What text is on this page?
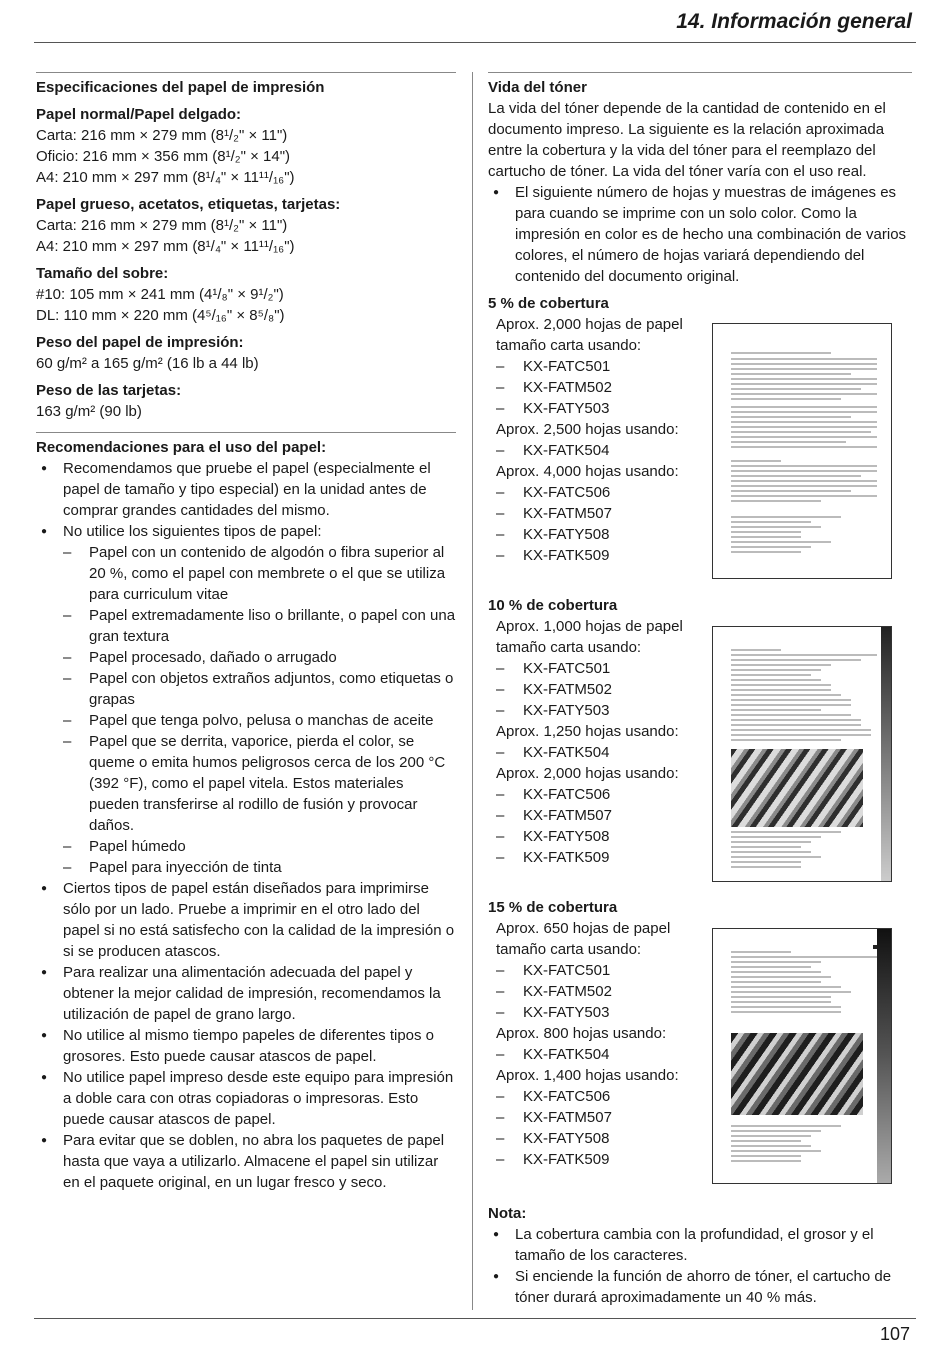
14. Información general
Especificaciones del papel de impresión
Papel normal/Papel delgado:
Carta: 216 mm × 279 mm (8¹/₂" × 11")
Oficio: 216 mm × 356 mm (8¹/₂" × 14")
A4: 210 mm × 297 mm (8¹/₄" × 11¹¹/₁₆")
Papel grueso, acetatos, etiquetas, tarjetas:
Carta: 216 mm × 279 mm (8¹/₂" × 11")
A4: 210 mm × 297 mm (8¹/₄" × 11¹¹/₁₆")
Tamaño del sobre:
#10: 105 mm × 241 mm (4¹/₈" × 9¹/₂")
DL: 110 mm × 220 mm (4⁵/₁₆" × 8⁵/₈")
Peso del papel de impresión:
60 g/m² a 165 g/m² (16 lb a 44 lb)
Peso de las tarjetas:
163 g/m² (90 lb)
Recomendaciones para el uso del papel:
● Recomendamos que pruebe el papel (especialmente el papel de tamaño y tipo especial) en la unidad antes de comprar grandes cantidades del mismo.
● No utilice los siguientes tipos de papel:
– Papel con un contenido de algodón o fibra superior al 20 %, como el papel con membrete o el que se utiliza para curriculum vitae
– Papel extremadamente liso o brillante, o papel con una gran textura
– Papel procesado, dañado o arrugado
– Papel con objetos extraños adjuntos, como etiquetas o grapas
– Papel que tenga polvo, pelusa o manchas de aceite
– Papel que se derrita, vaporice, pierda el color, se queme o emita humos peligrosos cerca de los 200 °C (392 °F), como el papel vitela. Estos materiales pueden transferirse al rodillo de fusión y provocar daños.
– Papel húmedo
– Papel para inyección de tinta
● Ciertos tipos de papel están diseñados para imprimirse sólo por un lado. Pruebe a imprimir en el otro lado del papel si no está satisfecho con la calidad de la impresión o si se producen atascos.
● Para realizar una alimentación adecuada del papel y obtener la mejor calidad de impresión, recomendamos la utilización de papel de grano largo.
● No utilice al mismo tiempo papeles de diferentes tipos o grosores. Esto puede causar atascos de papel.
● No utilice papel impreso desde este equipo para impresión a doble cara con otras copiadoras o impresoras. Esto puede causar atascos de papel.
● Para evitar que se doblen, no abra los paquetes de papel hasta que vaya a utilizarlo. Almacene el papel sin utilizar en el paquete original, en un lugar fresco y seco.
Vida del tóner
La vida del tóner depende de la cantidad de contenido en el documento impreso. La siguiente es la relación aproximada entre la cobertura y la vida del tóner para el reemplazo del cartucho de tóner. La vida del tóner varía con el uso real.
● El siguiente número de hojas y muestras de imágenes es para cuando se imprime con un solo color. Como la impresión en color es de hecho una combinación de varios colores, el número de hojas variará dependiendo del contenido del documento original.
5 % de cobertura
Aprox. 2,000 hojas de papel tamaño carta usando:
– KX-FATC501
– KX-FATM502
– KX-FATY503
Aprox. 2,500 hojas usando:
– KX-FATK504
Aprox. 4,000 hojas usando:
– KX-FATC506
– KX-FATM507
– KX-FATY508
– KX-FATK509
10 % de cobertura
Aprox. 1,000 hojas de papel tamaño carta usando:
– KX-FATC501
– KX-FATM502
– KX-FATY503
Aprox. 1,250 hojas usando:
– KX-FATK504
Aprox. 2,000 hojas usando:
– KX-FATC506
– KX-FATM507
– KX-FATY508
– KX-FATK509
15 % de cobertura
Aprox. 650 hojas de papel tamaño carta usando:
– KX-FATC501
– KX-FATM502
– KX-FATY503
Aprox. 800 hojas usando:
– KX-FATK504
Aprox. 1,400 hojas usando:
– KX-FATC506
– KX-FATM507
– KX-FATY508
– KX-FATK509
Nota:
● La cobertura cambia con la profundidad, el grosor y el tamaño de los caracteres.
● Si enciende la función de ahorro de tóner, el cartucho de tóner durará aproximadamente un 40 % más.
107
